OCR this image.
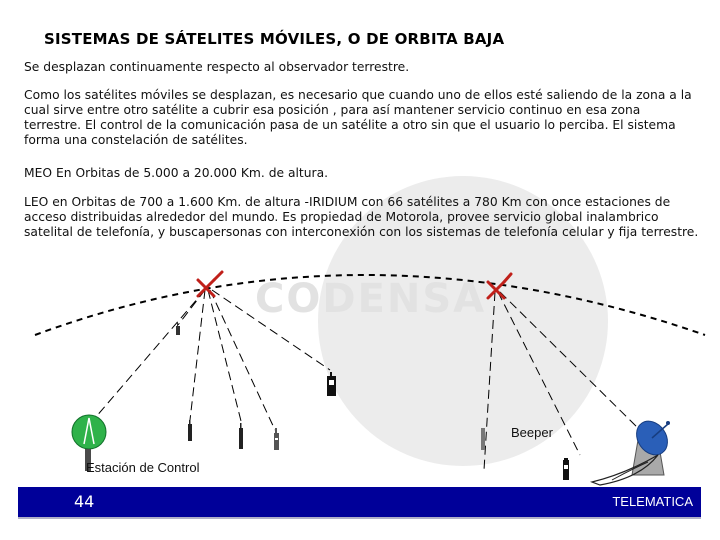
CODENSA
SISTEMAS DE SÁTELITES MÓVILES, O DE ORBITA BAJA
Se desplazan continuamente respecto al observador terrestre.
Como los satélites móviles se desplazan, es necesario que cuando uno de ellos esté saliendo de la zona a la cual sirve entre otro satélite a cubrir esa posición , para así mantener servicio continuo en esa zona terrestre. El control de la comunicación pasa de un satélite a otro sin que el usuario lo perciba. El sistema forma una constelación de satélites.
MEO En Orbitas de 5.000 a 20.000 Km. de altura.
LEO en Orbitas de 700 a 1.600 Km. de altura -IRIDIUM con 66 satélites a 780 Km con once estaciones de acceso distribuidas alrededor del mundo. Es propiedad de Motorola, provee servicio global inalambrico satelital de telefonía, y buscapersonas con interconexión con los sistemas de telefonía celular y fija terrestre.
Beeper
Estación de Control
44	TELEMATICA
